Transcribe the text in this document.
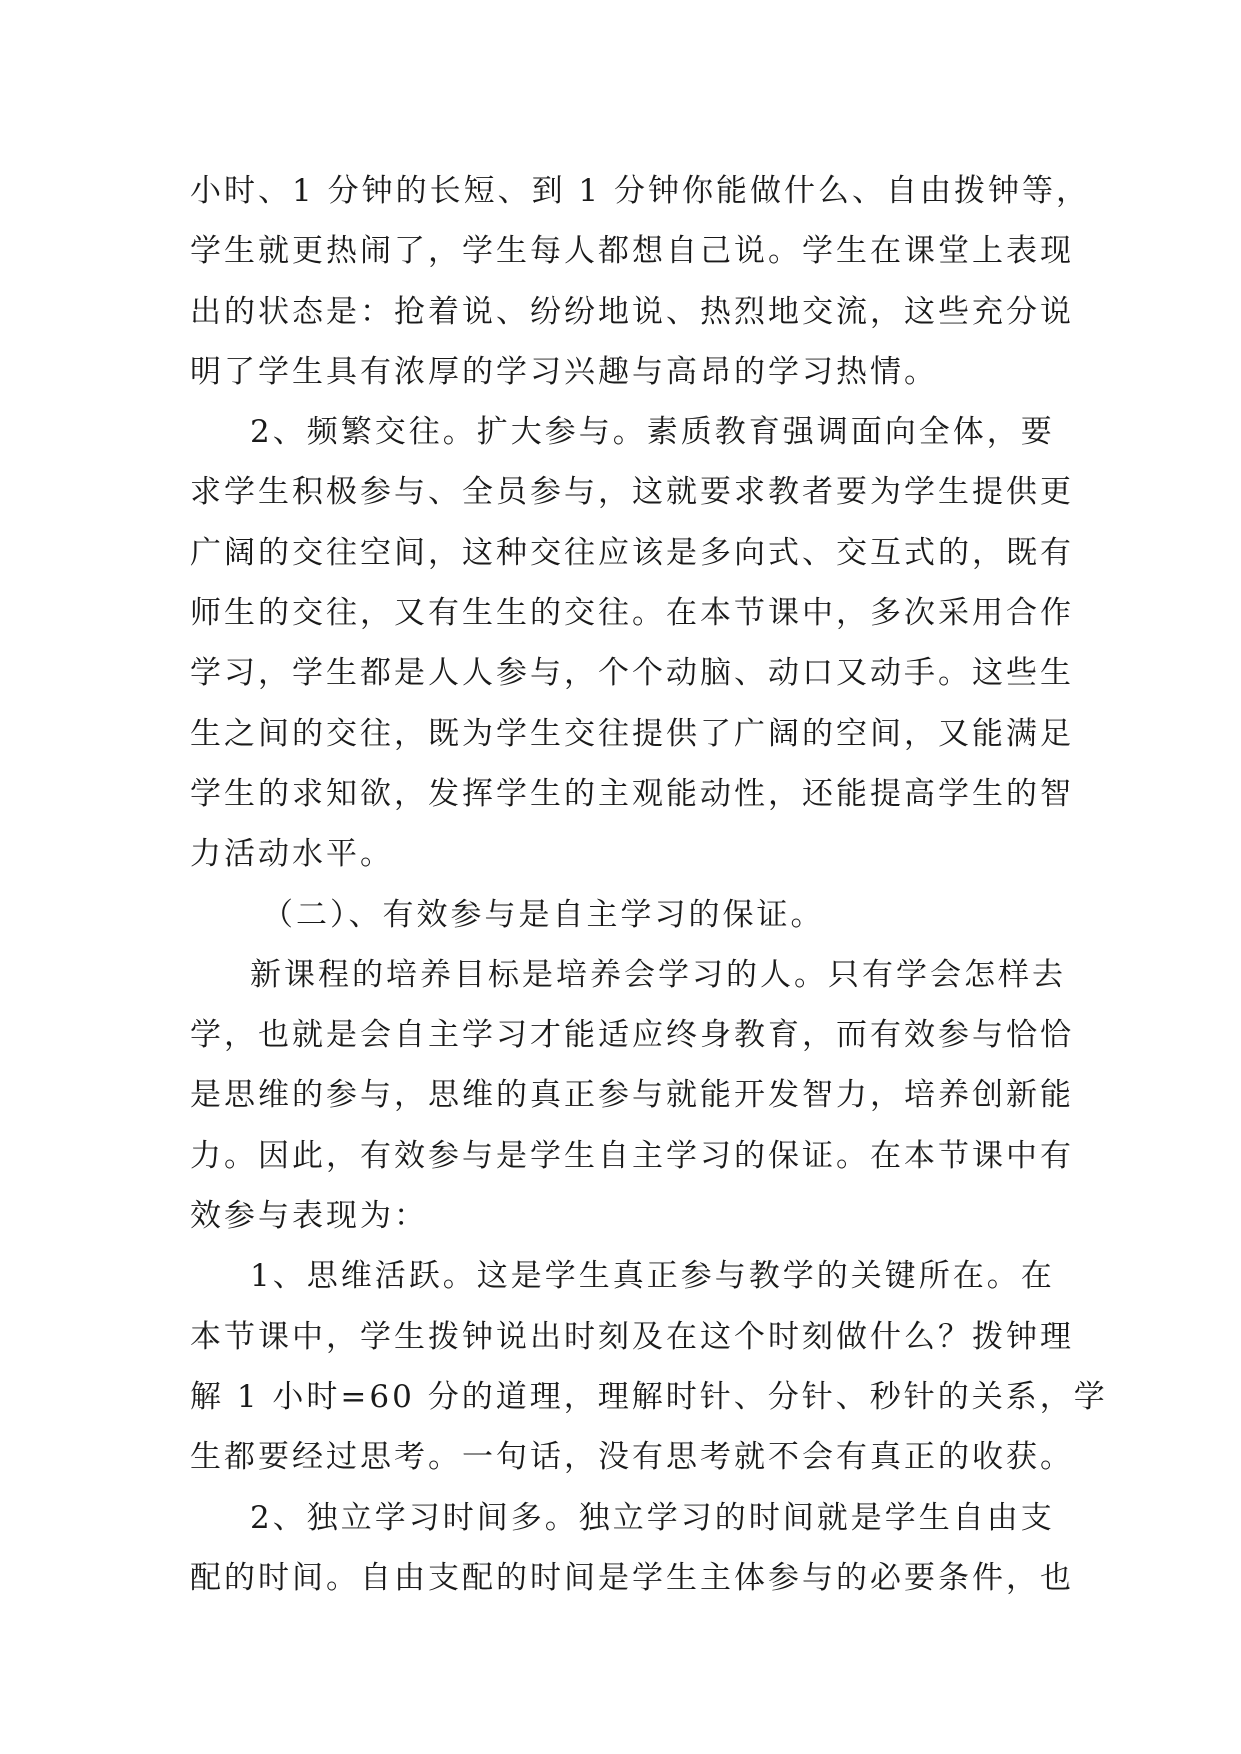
小时、1 分钟的长短、到 1 分钟你能做什么、自由拨钟等，
学生就更热闹了，学生每人都想自己说。学生在课堂上表现
出的状态是：抢着说、纷纷地说、热烈地交流，这些充分说
明了学生具有浓厚的学习兴趣与高昂的学习热情。
2、频繁交往。扩大参与。素质教育强调面向全体，要
求学生积极参与、全员参与，这就要求教者要为学生提供更
广阔的交往空间，这种交往应该是多向式、交互式的，既有
师生的交往，又有生生的交往。在本节课中，多次采用合作
学习，学生都是人人参与，个个动脑、动口又动手。这些生
生之间的交往，既为学生交往提供了广阔的空间，又能满足
学生的求知欲，发挥学生的主观能动性，还能提高学生的智
力活动水平。
（二）、有效参与是自主学习的保证。
新课程的培养目标是培养会学习的人。只有学会怎样去
学，也就是会自主学习才能适应终身教育，而有效参与恰恰
是思维的参与，思维的真正参与就能开发智力，培养创新能
力。因此，有效参与是学生自主学习的保证。在本节课中有
效参与表现为：
1、思维活跃。这是学生真正参与教学的关键所在。在
本节课中，学生拨钟说出时刻及在这个时刻做什么？拨钟理
解 1 小时=60 分的道理，理解时针、分针、秒针的关系，学
生都要经过思考。一句话，没有思考就不会有真正的收获。
2、独立学习时间多。独立学习的时间就是学生自由支
配的时间。自由支配的时间是学生主体参与的必要条件，也
